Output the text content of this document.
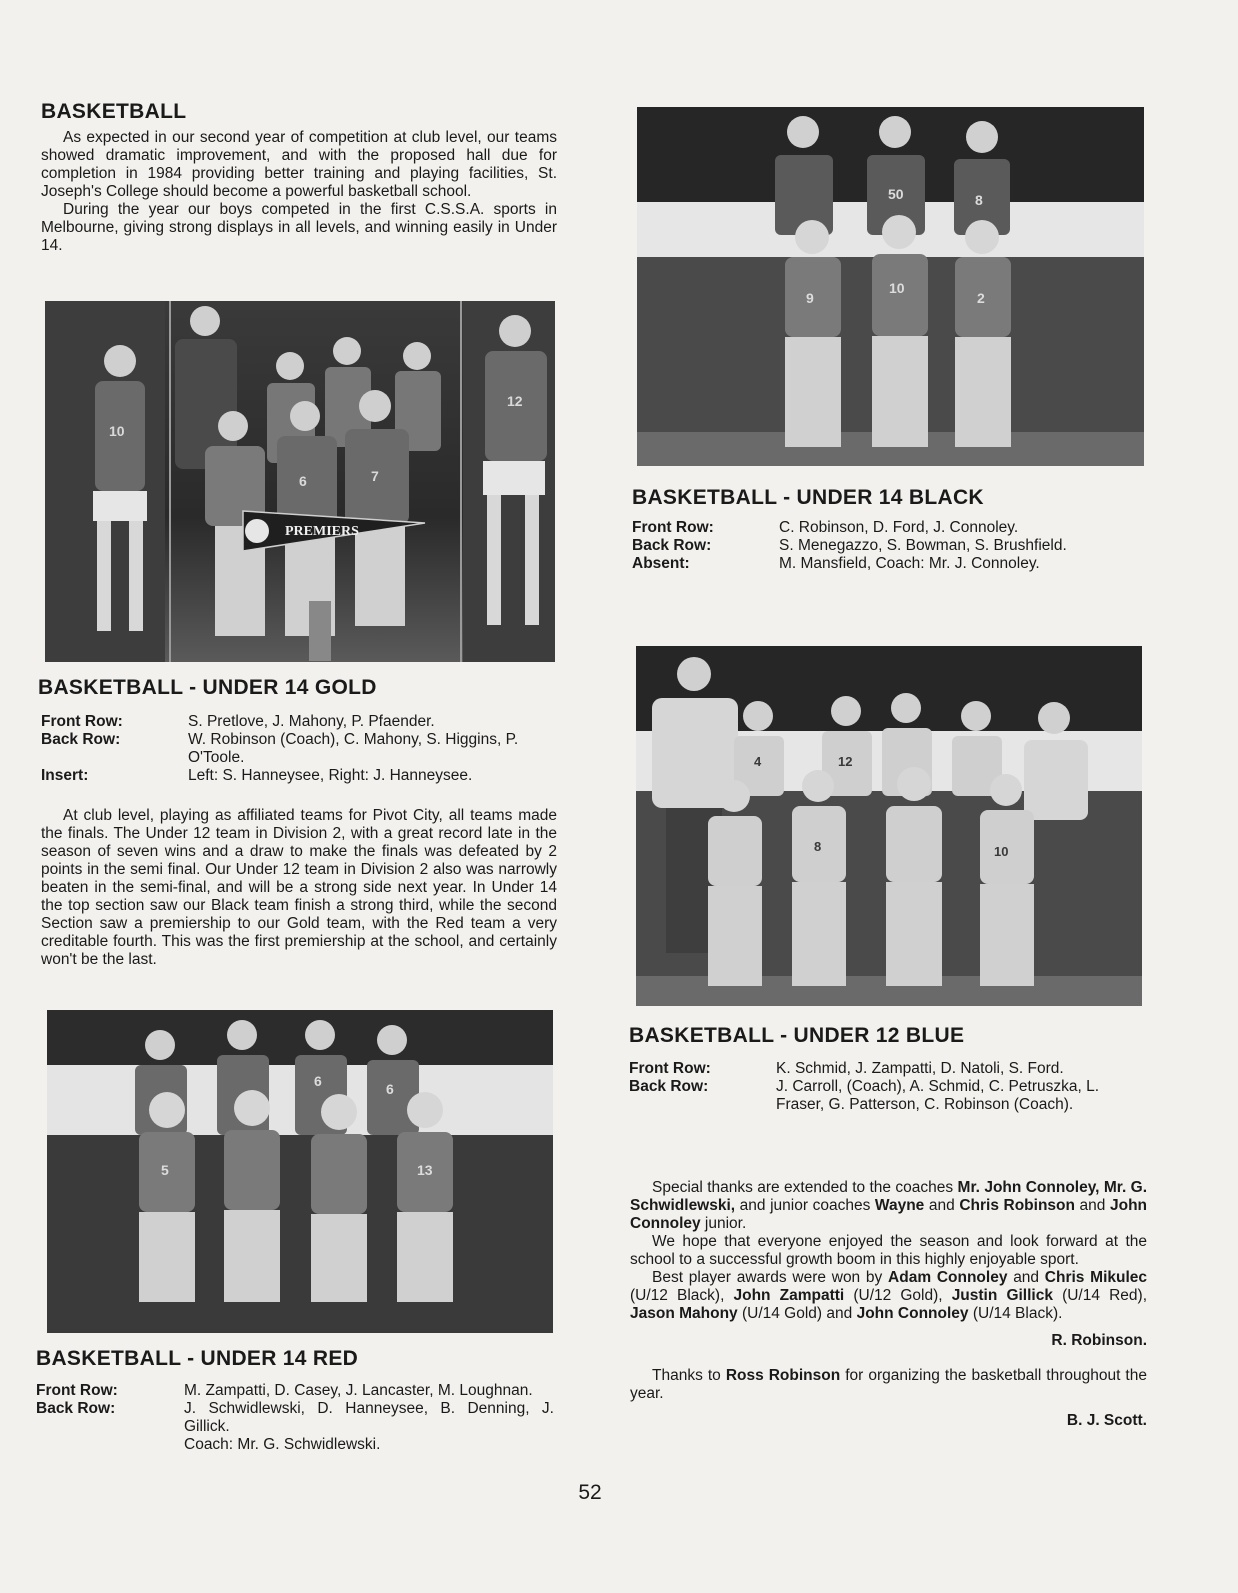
BASKETBALL

As expected in our second year of competition at club level, our teams showed dramatic improvement, and with the proposed hall due for completion in 1984 providing better training and playing facilities, St. Joseph's College should become a powerful basketball school.

During the year our boys competed in the first C.S.S.A. sports in Melbourne, giving strong displays in all levels, and winning easily in Under 14.

10
12
6	7
PREMIERS
BASKETBALL - UNDER 14 GOLD
Front Row:	S. Pretlove, J. Mahony, P. Pfaender.
Back Row:	W. Robinson (Coach), C. Mahony, S. Higgins, P. O'Toole.
Insert:	Left: S. Hanneysee, Right: J. Hanneysee.

At club level, playing as affiliated teams for Pivot City, all teams made the finals. The Under 12 team in Division 2, with a great record late in the season of seven wins and a draw to make the finals was defeated by 2 points in the semi final. Our Under 12 team in Division 2 also was narrowly beaten in the semi-final, and will be a strong side next year. In Under 14 the top section saw our Black team finish a strong third, while the second Section saw a premiership to our Gold team, with the Red team a very creditable fourth. This was the first premiership at the school, and certainly won't be the last.

6	6
5	13
BASKETBALL - UNDER 14 RED
Front Row:	M. Zampatti, D. Casey, J. Lancaster, M. Loughnan.
Back Row:	J. Schwidlewski, D. Hanneysee, B. Denning, J. Gillick.
Coach: Mr. G. Schwidlewski.
50	8
9
10
2
BASKETBALL - UNDER 14 BLACK
Front Row:	C. Robinson, D. Ford, J. Connoley.
Back Row:	S. Menegazzo, S. Bowman, S. Brushfield.
Absent:	M. Mansfield, Coach: Mr. J. Connoley.
4	12
8	10
BASKETBALL - UNDER 12 BLUE
Front Row:	K. Schmid, J. Zampatti, D. Natoli, S. Ford.
Back Row:	J. Carroll, (Coach), A. Schmid, C. Petruszka, L. Fraser, G. Patterson, C. Robinson (Coach).

Special thanks are extended to the coaches Mr. John Connoley, Mr. G. Schwidlewski, and junior coaches Wayne and Chris Robinson and John Connoley junior.

We hope that everyone enjoyed the season and look forward at the school to a successful growth boom in this highly enjoyable sport.

Best player awards were won by Adam Connoley and Chris Mikulec (U/12 Black), John Zampatti (U/12 Gold), Justin Gillick (U/14 Red), Jason Mahony (U/14 Gold) and John Connoley (U/14 Black).

R. Robinson.

Thanks to Ross Robinson for organizing the basketball throughout the year.

B. J. Scott.
52
